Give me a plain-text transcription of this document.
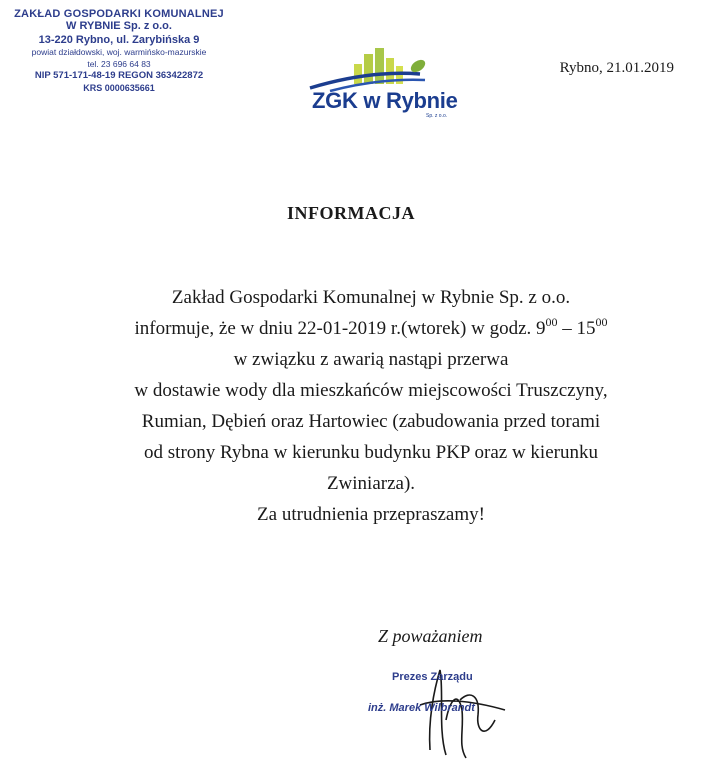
ZAKŁAD GOSPODARKI KOMUNALNEJ
W RYBNIE Sp. z o.o.
13-220 Rybno, ul. Zarybińska 9
powiat działdowski, woj. warmińsko-mazurskie
tel. 23 696 64 83
NIP 571-171-48-19 REGON 363422872
KRS 0000635661	ZGK w Rybnie
Sp. z o.o.
Rybno, 21.01.2019
INFORMACJA
Zakład Gospodarki Komunalnej w Rybnie Sp. z o.o.
informuje, że w dniu 22-01-2019 r.(wtorek) w godz. $9^{00} - 15^{00}$
w związku z awarią nastąpi przerwa
w dostawie wody dla mieszkańców miejscowości Truszczyny,
Rumian, Dębień oraz Hartowiec (zabudowania przed torami
od strony Rybna w kierunku budynku PKP oraz w kierunku
Zwiniarza).
Za utrudnienia przepraszamy!
Z poważaniem
Prezes Zarządu
inż. Marek Wilbrandt
